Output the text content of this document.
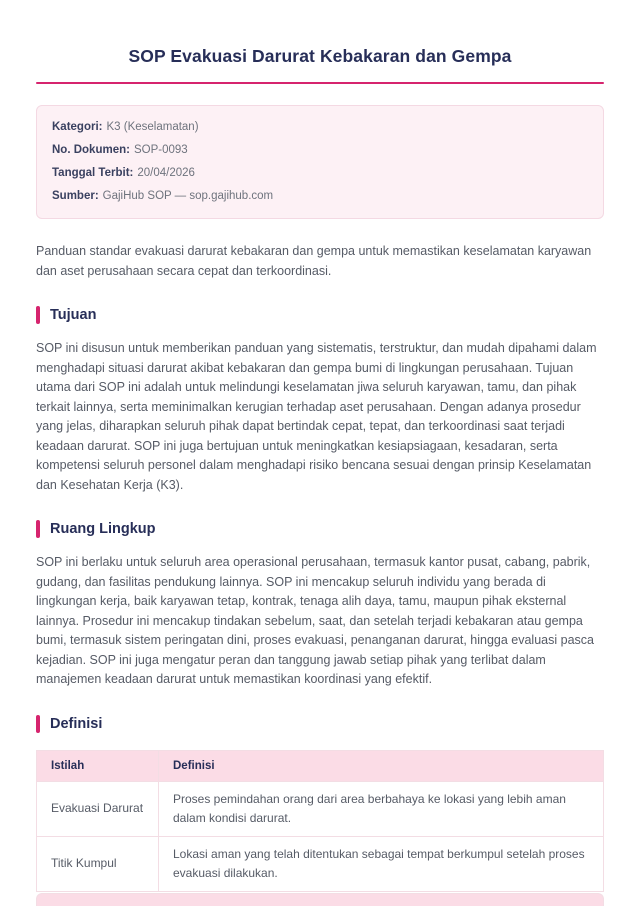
SOP Evakuasi Darurat Kebakaran dan Gempa
Kategori: K3 (Keselamatan)
No. Dokumen: SOP-0093
Tanggal Terbit: 20/04/2026
Sumber: GajiHub SOP — sop.gajihub.com

Panduan standar evakuasi darurat kebakaran dan gempa untuk memastikan keselamatan karyawan dan aset perusahaan secara cepat dan terkoordinasi.

Tujuan

SOP ini disusun untuk memberikan panduan yang sistematis, terstruktur, dan mudah dipahami dalam menghadapi situasi darurat akibat kebakaran dan gempa bumi di lingkungan perusahaan. Tujuan utama dari SOP ini adalah untuk melindungi keselamatan jiwa seluruh karyawan, tamu, dan pihak terkait lainnya, serta meminimalkan kerugian terhadap aset perusahaan. Dengan adanya prosedur yang jelas, diharapkan seluruh pihak dapat bertindak cepat, tepat, dan terkoordinasi saat terjadi keadaan darurat. SOP ini juga bertujuan untuk meningkatkan kesiapsiagaan, kesadaran, serta kompetensi seluruh personel dalam menghadapi risiko bencana sesuai dengan prinsip Keselamatan dan Kesehatan Kerja (K3).

Ruang Lingkup

SOP ini berlaku untuk seluruh area operasional perusahaan, termasuk kantor pusat, cabang, pabrik, gudang, dan fasilitas pendukung lainnya. SOP ini mencakup seluruh individu yang berada di lingkungan kerja, baik karyawan tetap, kontrak, tenaga alih daya, tamu, maupun pihak eksternal lainnya. Prosedur ini mencakup tindakan sebelum, saat, dan setelah terjadi kebakaran atau gempa bumi, termasuk sistem peringatan dini, proses evakuasi, penanganan darurat, hingga evaluasi pasca kejadian. SOP ini juga mengatur peran dan tanggung jawab setiap pihak yang terlibat dalam manajemen keadaan darurat untuk memastikan koordinasi yang efektif.

Definisi
Istilah	Definisi
Evakuasi Darurat	Proses pemindahan orang dari area berbahaya ke lokasi yang lebih aman dalam kondisi darurat.
Titik Kumpul	Lokasi aman yang telah ditentukan sebagai tempat berkumpul setelah proses evakuasi dilakukan.
